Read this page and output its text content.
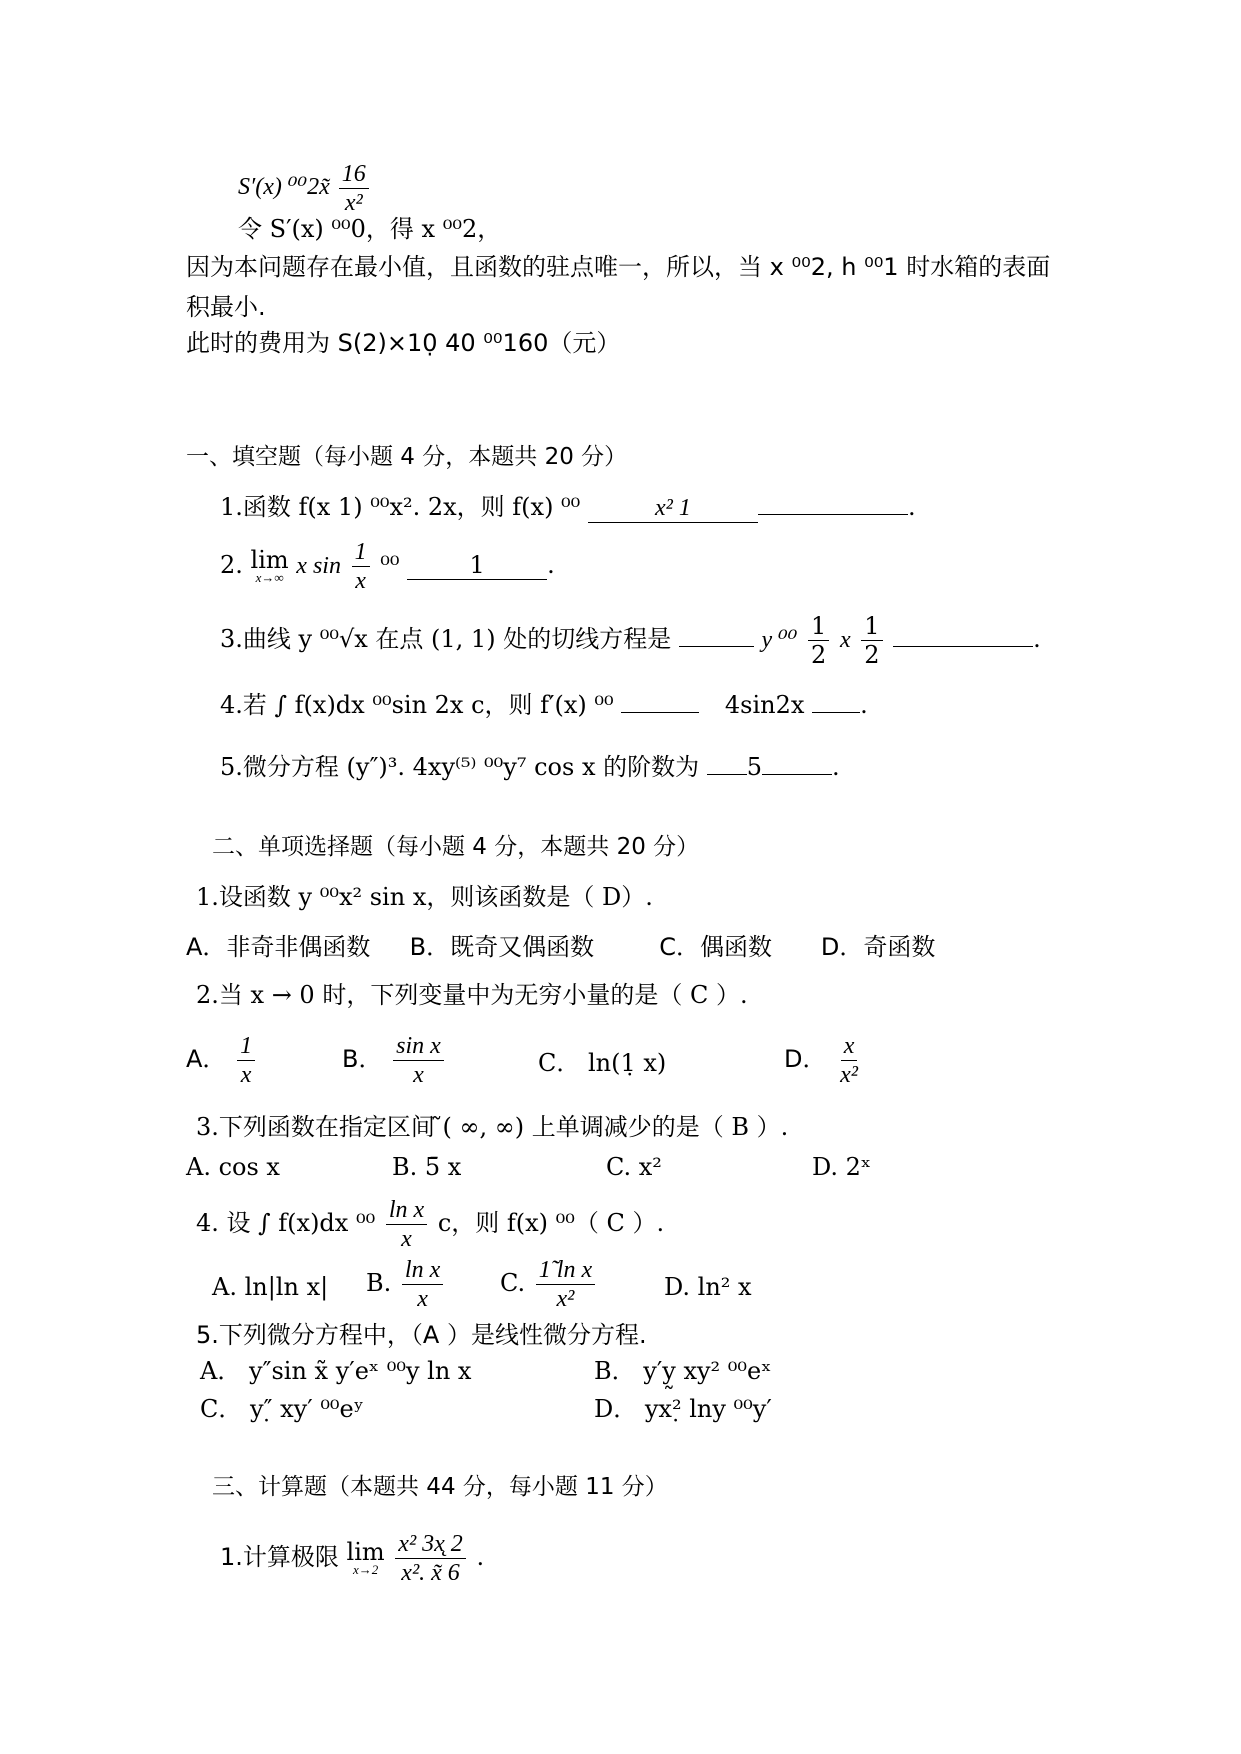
S′(x) ⁰⁰2x̃ $\frac{16}{\text{x²}}$
令 S′(x) ⁰⁰0，得 x ⁰⁰2，
因为本问题存在最小值，且函数的驻点唯一，所以，当 x ⁰⁰2, h ⁰⁰1 时水箱的表面
积最小.
此时的费用为 S(2)×10̣ 40 ⁰⁰160（元）
一、填空题（每小题 4 分，本题共 20 分）
1.函数 f(x 1) ⁰⁰x². 2x，则 f(x) ⁰⁰	x² 1	.
2. lim
x→∞ x $\sin \frac{1}{x} ^{00}$	1	.
3.曲线 y ⁰⁰√x 在点 (1, 1) 处的切线方程是	y $^{00} \frac{1}{2}$ x $\frac{1}{2}$	.
4.若 ∫ f(x)dx ⁰⁰sin 2x c，则 f′(x) ⁰⁰	4sin2x .
5.微分方程 (y″)³. 4xy⁽⁵⁾ ⁰⁰y⁷ cos x 的阶数为 5	.
二、单项选择题（每小题 4 分，本题共 20 分）
1.设函数 y ⁰⁰x² sin x，则该函数是（ D）.
A．非奇非偶函数 B．既奇又偶函数	C．偶函数 D．奇函数
2.当 x → 0 时，下列变量中为无穷小量的是（ C ）.
A． $\frac{1}{x}$	B． $\frac{\text{sin x}}{x}$	C． ln(1̣ x)	D． $\frac{x}{\text{x²}}$
3.下列函数在指定区间 ̃( ∞, ∞) 上单调减少的是（ B ）.
A. cos x	B. 5̄ x	C. x²	D. 2ˣ
4. 设 ∫ f(x)dx $^{00} \frac{\text{ln x}}{x}$ c，则 f(x) ⁰⁰（ C ）.
A. ln|ln x| B. $\frac{\text{ln x}}{x} C$. $\frac{\text{1̃ ln x}}{\text{x²}}$	D. ln² x
5.下列微分方程中，（A ）是线性微分方程.
A． y″sin x̃ y′eˣ ⁰⁰y ln x	B． y′y̰ xy² ⁰⁰eˣ
C． y″̣ xy′ ⁰⁰eʸ	D． yx²̣ lny ⁰⁰y′
三、计算题（本题共 44 分，每小题 11 分）
1.计算极限 lim
x→2
$\frac{\text{x² 3x̨ 2}}{\text{x². x̃ 6}}$ .
